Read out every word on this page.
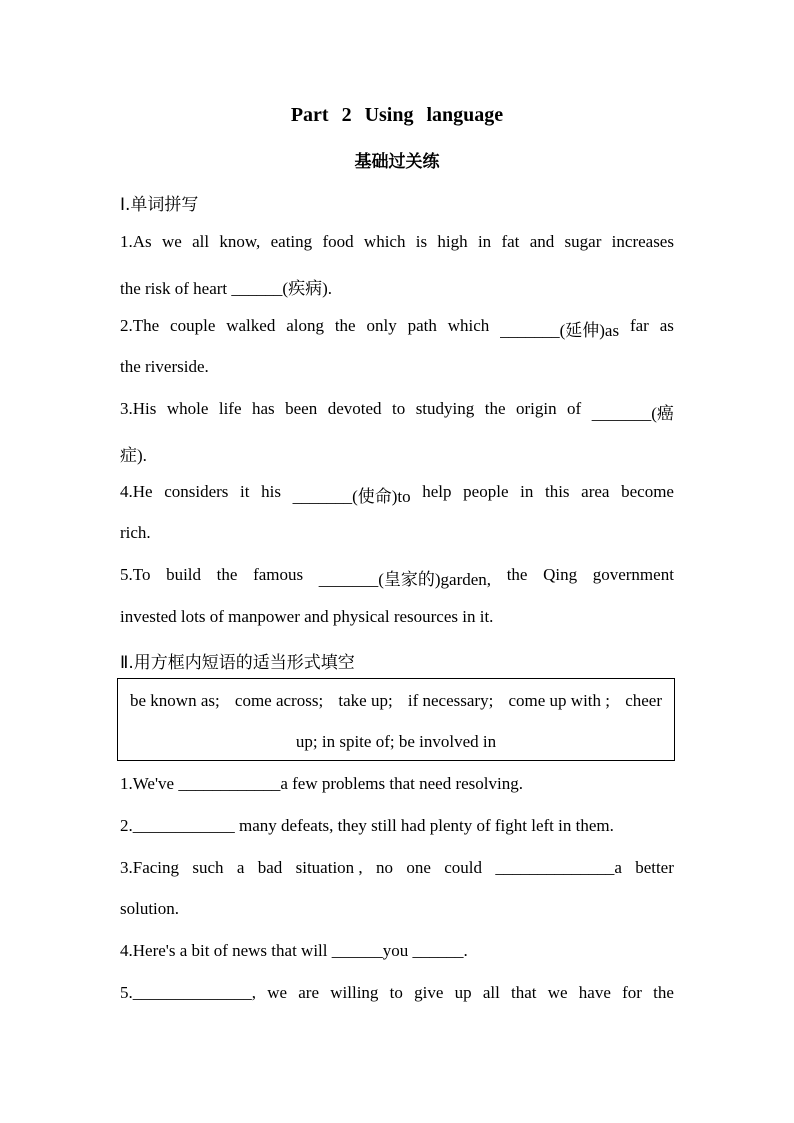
Part 2 Using language
基础过关练
Ⅰ.单词拼写
1.As we all know, eating food which is high in fat and sugar increases
the risk of heart ______(疾病).
2.The couple walked along the only path which _______(延伸)as far as
the riverside.
3.His whole life has been devoted to studying the origin of _______(癌
症).
4.He considers it his _______(使命)to help people in this area become
rich.
5.To build the famous _______(皇家的)garden, the Qing government
invested lots of manpower and physical resources in it.
Ⅱ.用方框内短语的适当形式填空
be known as; come across; take up; if necessary; come up with ; cheer
up; in spite of; be involved in
1.We've ____________a few problems that need resolving.
2.____________ many defeats, they still had plenty of fight left in them.
3.Facing such a bad situation , no one could ______________a better
solution.
4.Here's a bit of news that will ______you ______.
5.______________, we are willing to give up all that we have for the
